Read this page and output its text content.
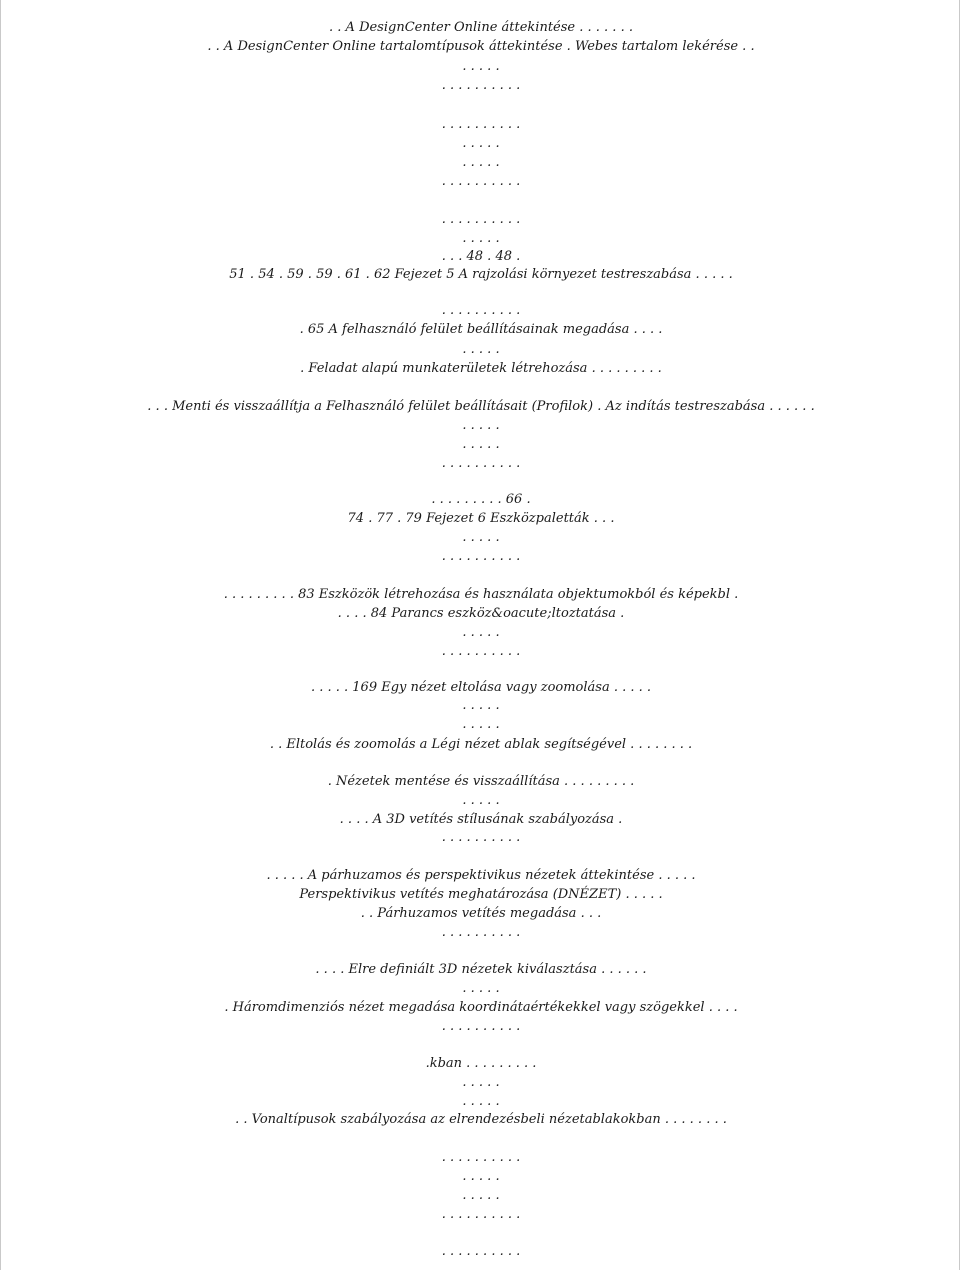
. . A DesignCenter Online áttekintése . . . . . . .
. . A DesignCenter Online tartalomtípusok áttekintése . Webes tartalom lekérése . .
. . . . .
. . . . . . . . . .
. . . . . . . . . .
. . . . .
. . . . .
. . . . . . . . . .
. . . . . . . . . .
. . . . .
. . . 48 . 48 .
51 . 54 . 59 . 59 . 61 . 62 Fejezet 5 A rajzolási környezet testreszabása . . . . .
. . . . . . . . . .
. 65 A felhasználó felület beállításainak megadása . . . .
. . . . .
. Feladat alapú munkaterületek létrehozása . . . . . . . . .
. . . Menti és visszaállítja a Felhasználó felület beállításait (Profilok) . Az indítás testreszabása . . . . . .
. . . . .
. . . . .
. . . . . . . . . .
. . . . . . . . . 66 .
74 . 77 . 79 Fejezet 6 Eszközpaletták . . .
. . . . .
. . . . . . . . . .
. . . . . . . . . 83 Eszközök létrehozása és használata objektumokból és képekbl .
. . . . 84 Parancs eszköz&oacute;ltoztatása .
. . . . .
. . . . . . . . . .
. . . . . 169 Egy nézet eltolása vagy zoomolása . . . . .
. . . . .
. . . . .
. . Eltolás és zoomolás a Légi nézet ablak segítségével . . . . . . . .
. Nézetek mentése és visszaállítása . . . . . . . . .
. . . . .
. . . . A 3D vetítés stílusának szabályozása .
. . . . . . . . . .
. . . . . A párhuzamos és perspektivikus nézetek áttekintése . . . . .
Perspektivikus vetítés meghatározása (DNÉZET) . . . . .
. . Párhuzamos vetítés megadása . . .
. . . . . . . . . .
. . . . Elre definiált 3D nézetek kiválasztása . . . . . .
. . . . .
. Háromdimenziós nézet megadása koordinátaértékekkel vagy szögekkel . . . .
. . . . . . . . . .
.kban . . . . . . . . .
. . . . .
. . . . .
. . Vonaltípusok szabályozása az elrendezésbeli nézetablakokban . . . . . . . .
. . . . . . . . . .
. . . . .
. . . . .
. . . . . . . . . .
. . . . . . . . . .
